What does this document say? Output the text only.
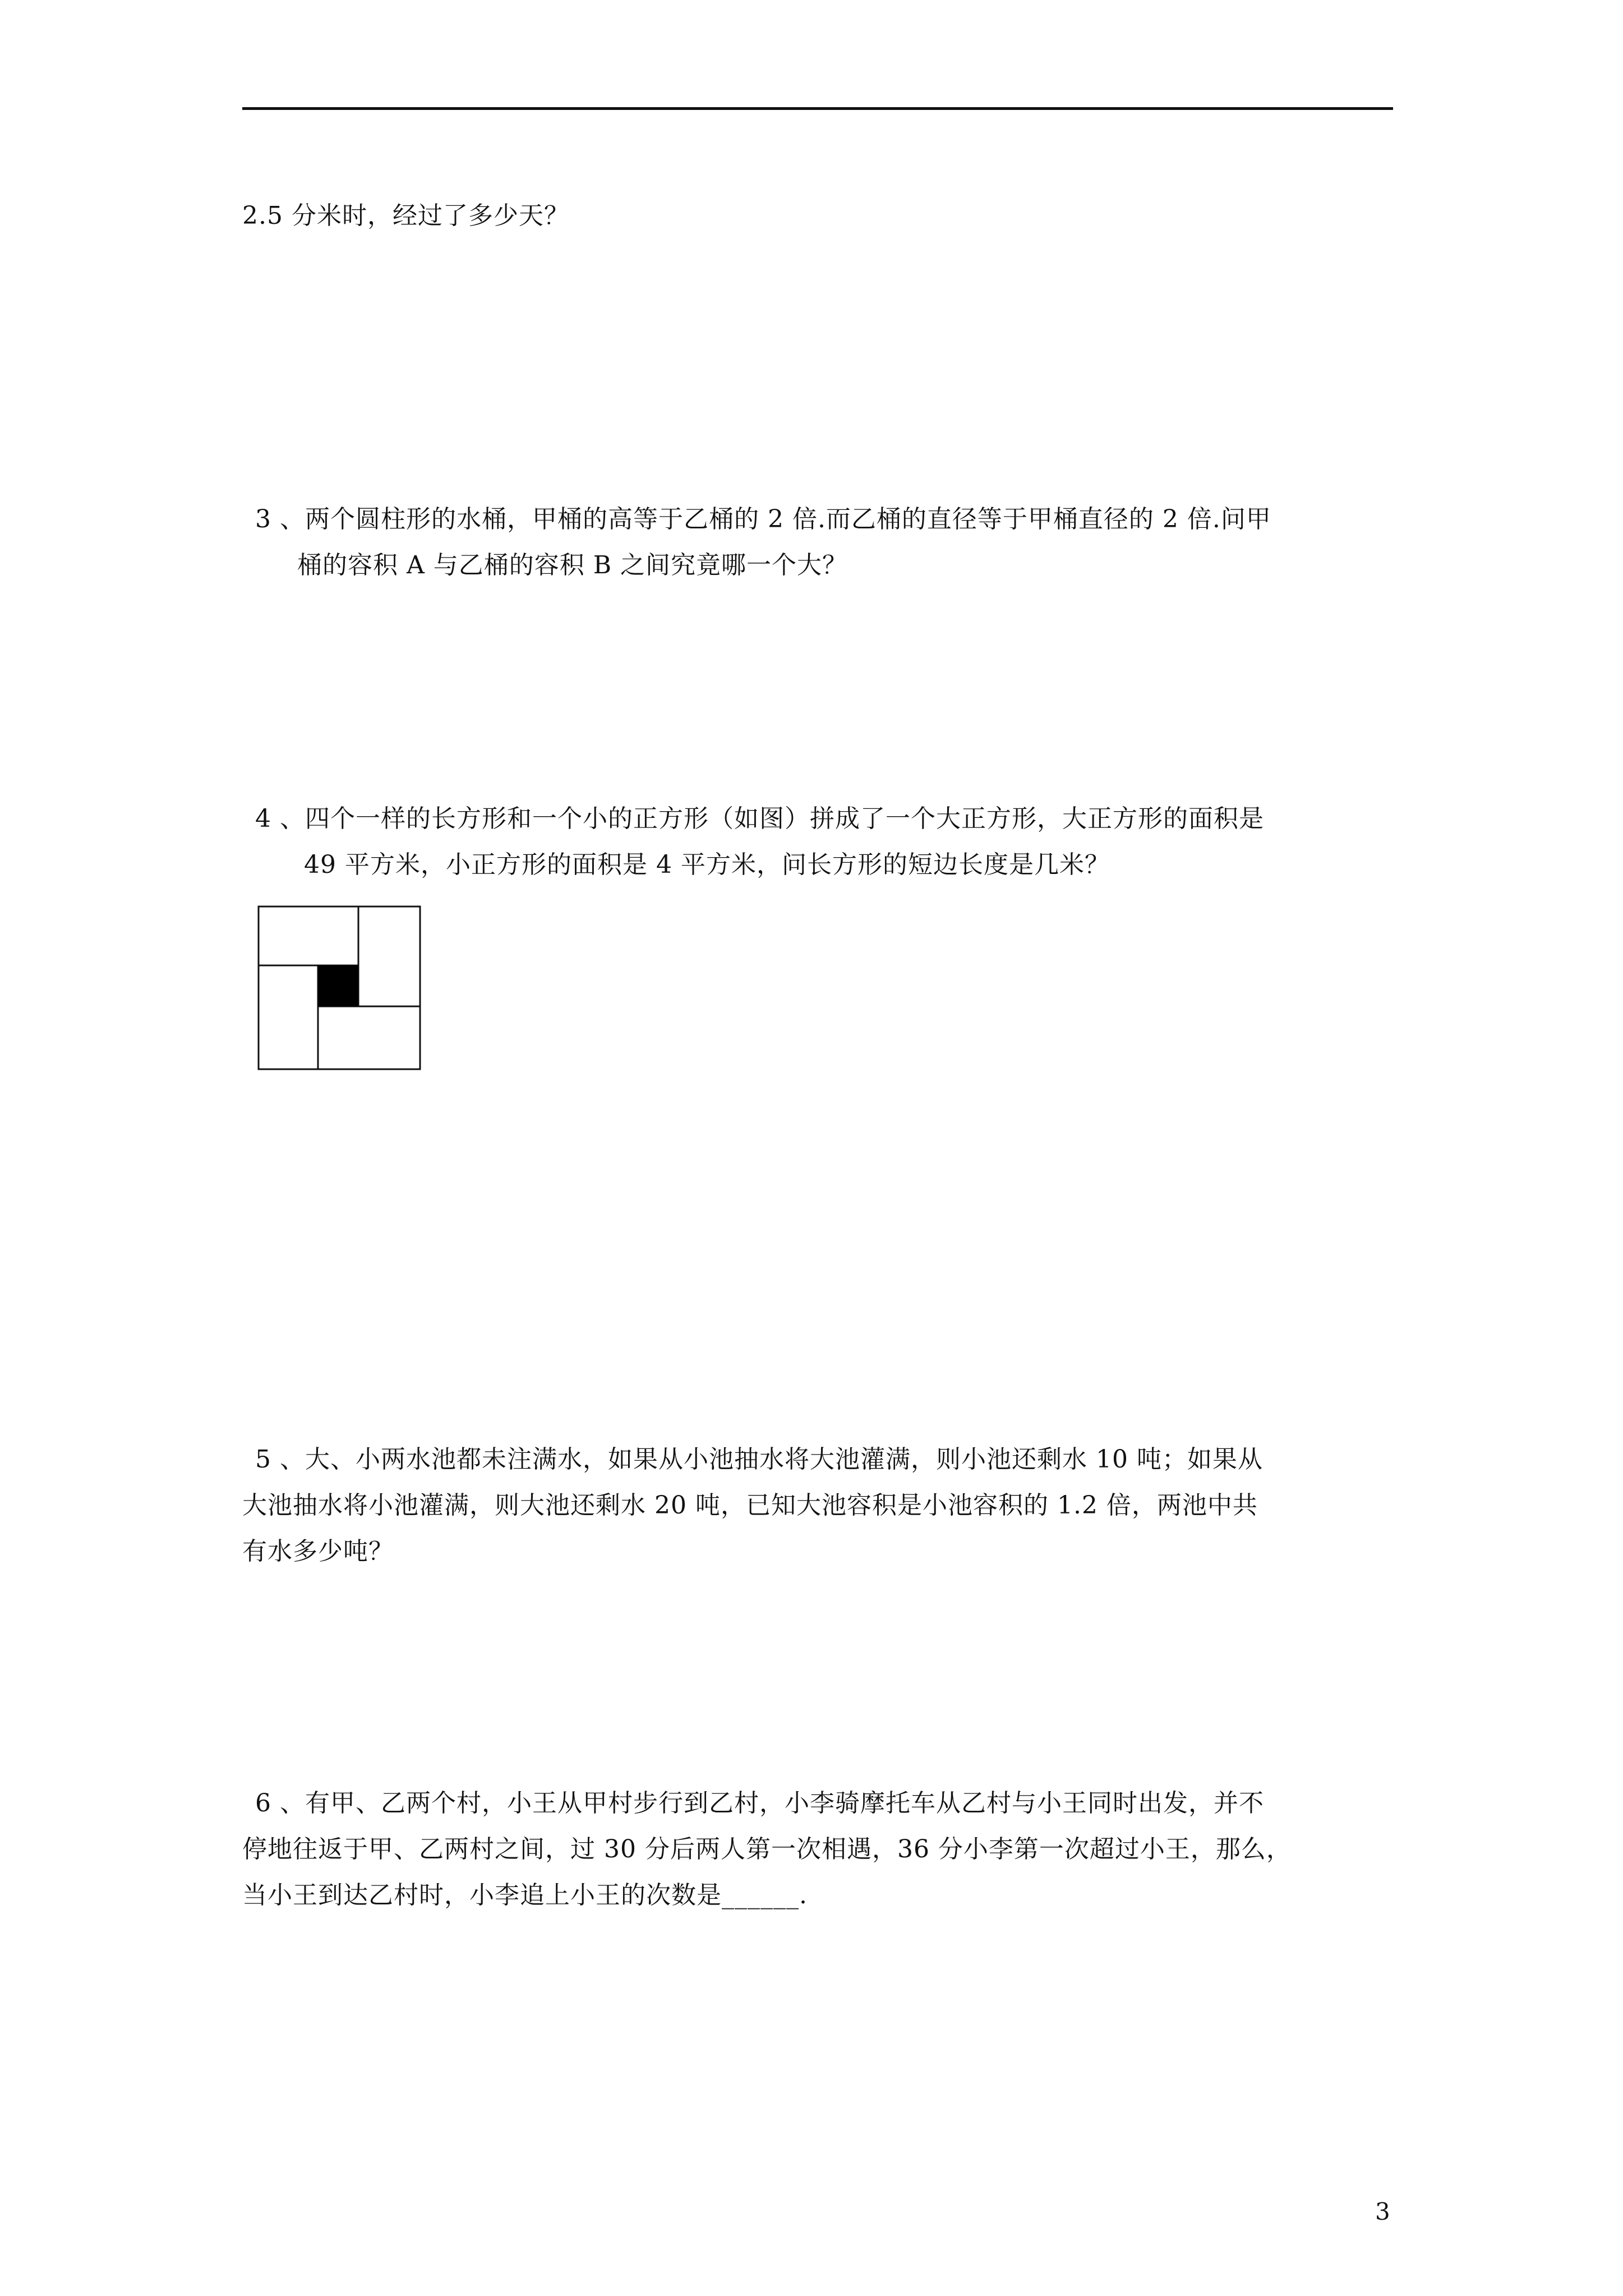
2.5 分米时，经过了多少天？
3 、两个圆柱形的水桶，甲桶的高等于乙桶的 2 倍.而乙桶的直径等于甲桶直径的 2 倍.问甲
桶的容积 A 与乙桶的容积 B 之间究竟哪一个大？
4 、四个一样的长方形和一个小的正方形（如图）拼成了一个大正方形，大正方形的面积是
49 平方米，小正方形的面积是 4 平方米，问长方形的短边长度是几米？
5 、大、小两水池都未注满水，如果从小池抽水将大池灌满，则小池还剩水 10 吨；如果从
大池抽水将小池灌满，则大池还剩水 20 吨，已知大池容积是小池容积的 1.2 倍，两池中共
有水多少吨？
6 、有甲、乙两个村，小王从甲村步行到乙村，小李骑摩托车从乙村与小王同时出发，并不
停地往返于甲、乙两村之间，过 30 分后两人第一次相遇，36 分小李第一次超过小王，那么，
当小王到达乙村时，小李追上小王的次数是______.
3
